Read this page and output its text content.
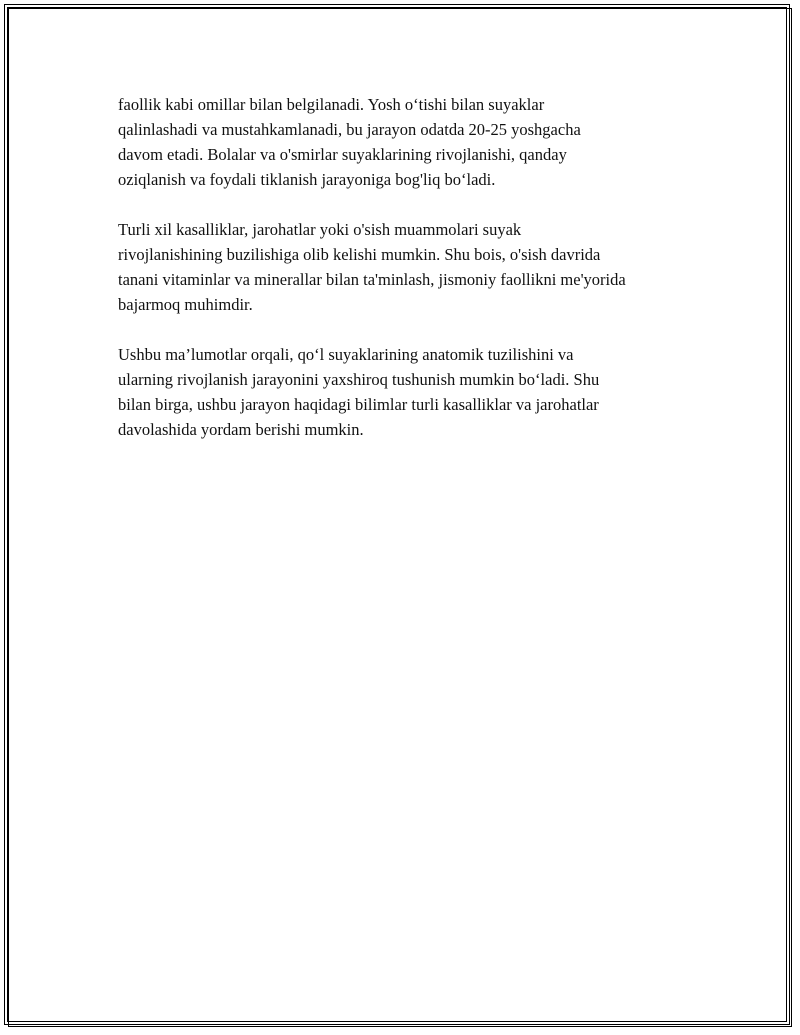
faollik kabi omillar bilan belgilanadi. Yosh o‘tishi bilan suyaklar
qalinlashadi va mustahkamlanadi, bu jarayon odatda 20-25 yoshgacha
davom etadi. Bolalar va o'smirlar suyaklarining rivojlanishi, qanday
oziqlanish va foydali tiklanish jarayoniga bog'liq bo‘ladi.

Turli xil kasalliklar, jarohatlar yoki o'sish muammolari suyak
rivojlanishining buzilishiga olib kelishi mumkin. Shu bois, o'sish davrida
tanani vitaminlar va minerallar bilan ta'minlash, jismoniy faollikni me'yorida
bajarmoq muhimdir.

Ushbu ma’lumotlar orqali, qo‘l suyaklarining anatomik tuzilishini va
ularning rivojlanish jarayonini yaxshiroq tushunish mumkin bo‘ladi. Shu
bilan birga, ushbu jarayon haqidagi bilimlar turli kasalliklar va jarohatlar
davolashida yordam berishi mumkin.
